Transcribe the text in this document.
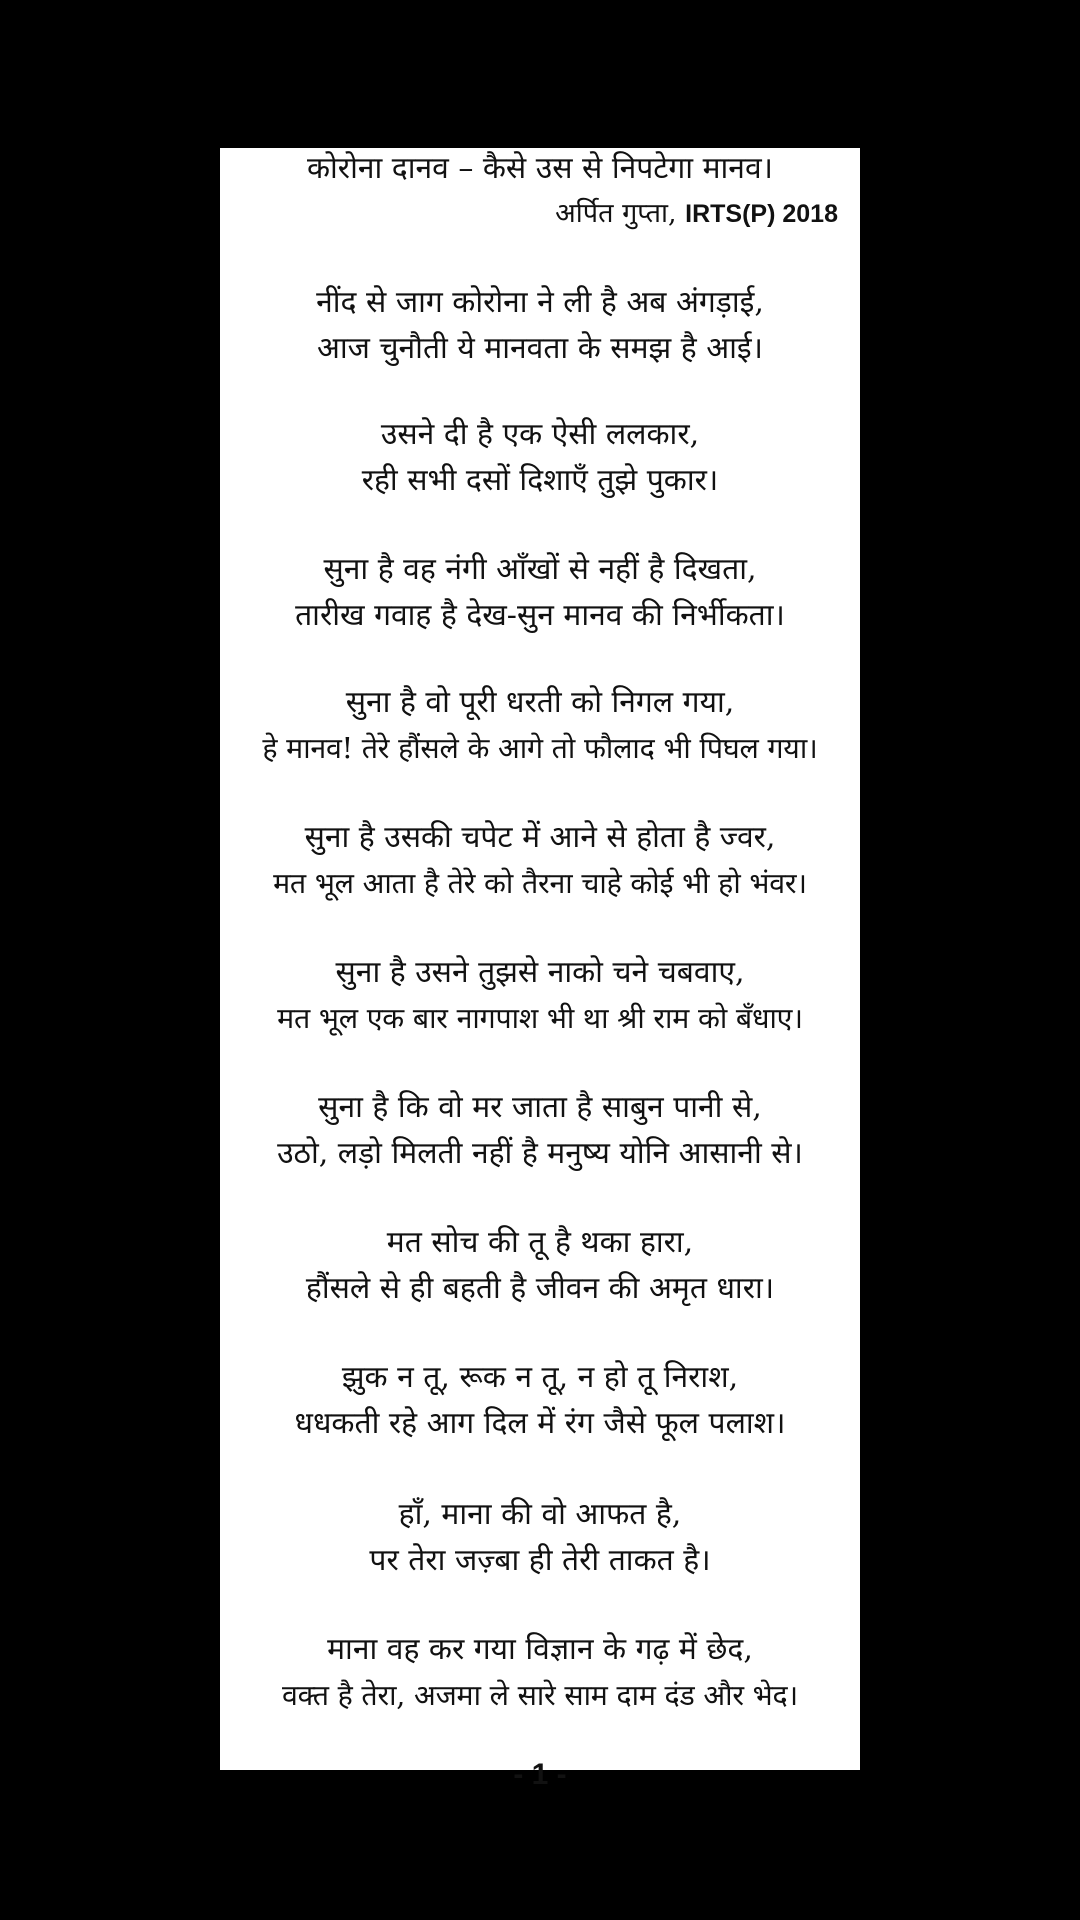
कोरोना दानव – कैसे उस से निपटेगा मानव।
अर्पित गुप्ता, IRTS(P) 2018
नींद से जाग कोरोना ने ली है अब अंगड़ाई,
आज चुनौती ये मानवता के समझ है आई।
उसने दी है एक ऐसी ललकार,
रही सभी दसों दिशाएँ तुझे पुकार।
सुना है वह नंगी आँखों से नहीं है दिखता,
तारीख गवाह है देख-सुन मानव की निर्भीकता।
सुना है वो पूरी धरती को निगल गया,
हे मानव! तेरे हौंसले के आगे तो फौलाद भी पिघल गया।
सुना है उसकी चपेट में आने से होता है ज्वर,
मत भूल आता है तेरे को तैरना चाहे कोई भी हो भंवर।
सुना है उसने तुझसे नाको चने चबवाए,
मत भूल एक बार नागपाश भी था श्री राम को बँधाए।
सुना है कि वो मर जाता है साबुन पानी से,
उठो, लड़ो मिलती नहीं है मनुष्य योनि आसानी से।
मत सोच की तू है थका हारा,
हौंसले से ही बहती है जीवन की अमृत धारा।
झुक न तू, रूक न तू, न हो तू निराश,
धधकती रहे आग दिल में रंग जैसे फूल पलाश।
हाँ, माना की वो आफत है,
पर तेरा जज़्बा ही तेरी ताकत है।
माना वह कर गया विज्ञान के गढ़ में छेद,
वक्त है तेरा, अजमा ले सारे साम दाम दंड और भेद।
- 1 -
